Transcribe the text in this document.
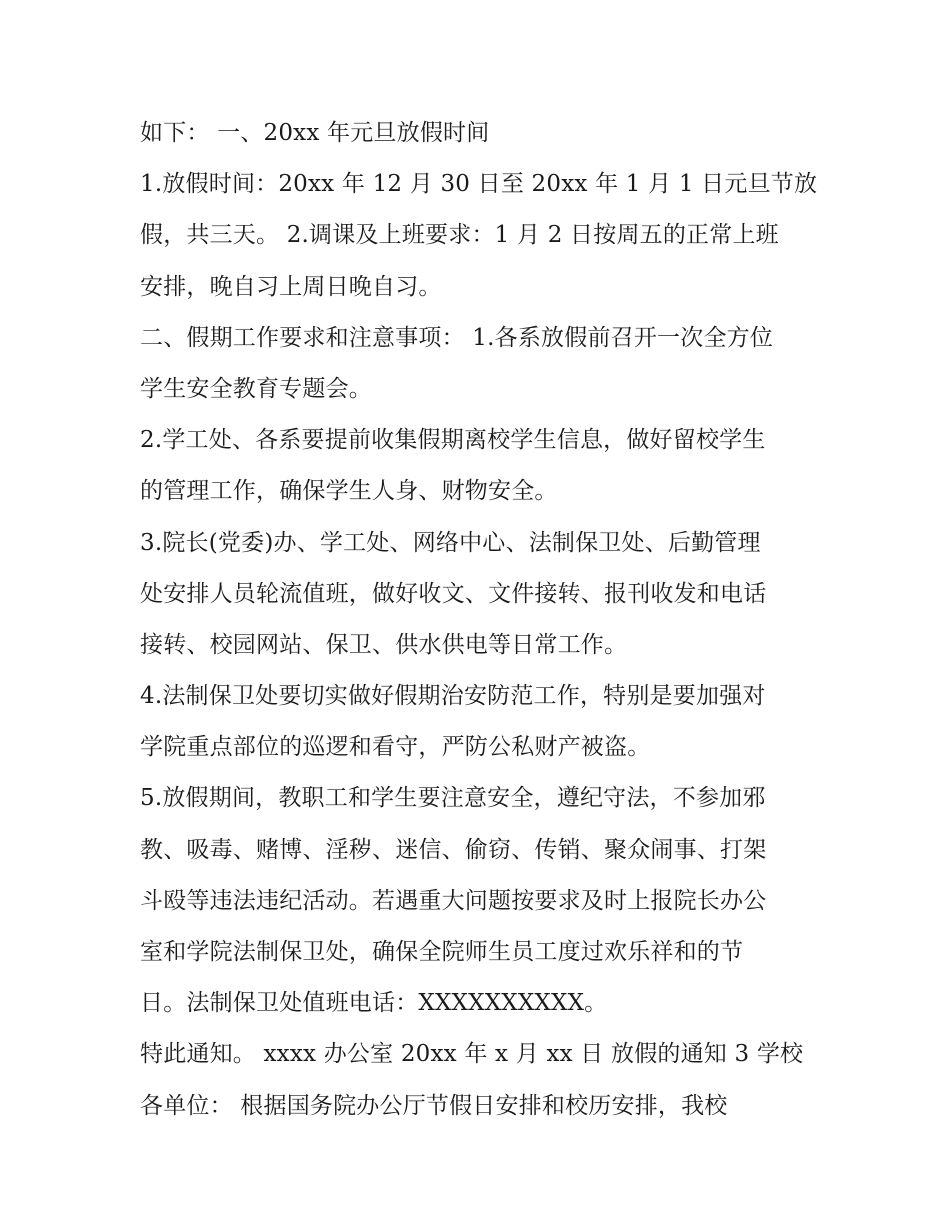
如下： 一、20xx 年元旦放假时间
1.放假时间：20xx 年 12 月 30 日至 20xx 年 1 月 1 日元旦节放
假，共三天。 2.调课及上班要求：1 月 2 日按周五的正常上班
安排，晚自习上周日晚自习。
二、假期工作要求和注意事项： 1.各系放假前召开一次全方位
学生安全教育专题会。
2.学工处、各系要提前收集假期离校学生信息，做好留校学生
的管理工作，确保学生人身、财物安全。
3.院长(党委)办、学工处、网络中心、法制保卫处、后勤管理
处安排人员轮流值班，做好收文、文件接转、报刊收发和电话
接转、校园网站、保卫、供水供电等日常工作。
4.法制保卫处要切实做好假期治安防范工作，特别是要加强对
学院重点部位的巡逻和看守，严防公私财产被盗。
5.放假期间，教职工和学生要注意安全，遵纪守法，不参加邪
教、吸毒、赌博、淫秽、迷信、偷窃、传销、聚众闹事、打架
斗殴等违法违纪活动。若遇重大问题按要求及时上报院长办公
室和学院法制保卫处，确保全院师生员工度过欢乐祥和的节
日。法制保卫处值班电话：XXXXXXXXXX。
特此通知。 xxxx 办公室 20xx 年 x 月 xx 日 放假的通知 3 学校
各单位： 根据国务院办公厅节假日安排和校历安排，我校
